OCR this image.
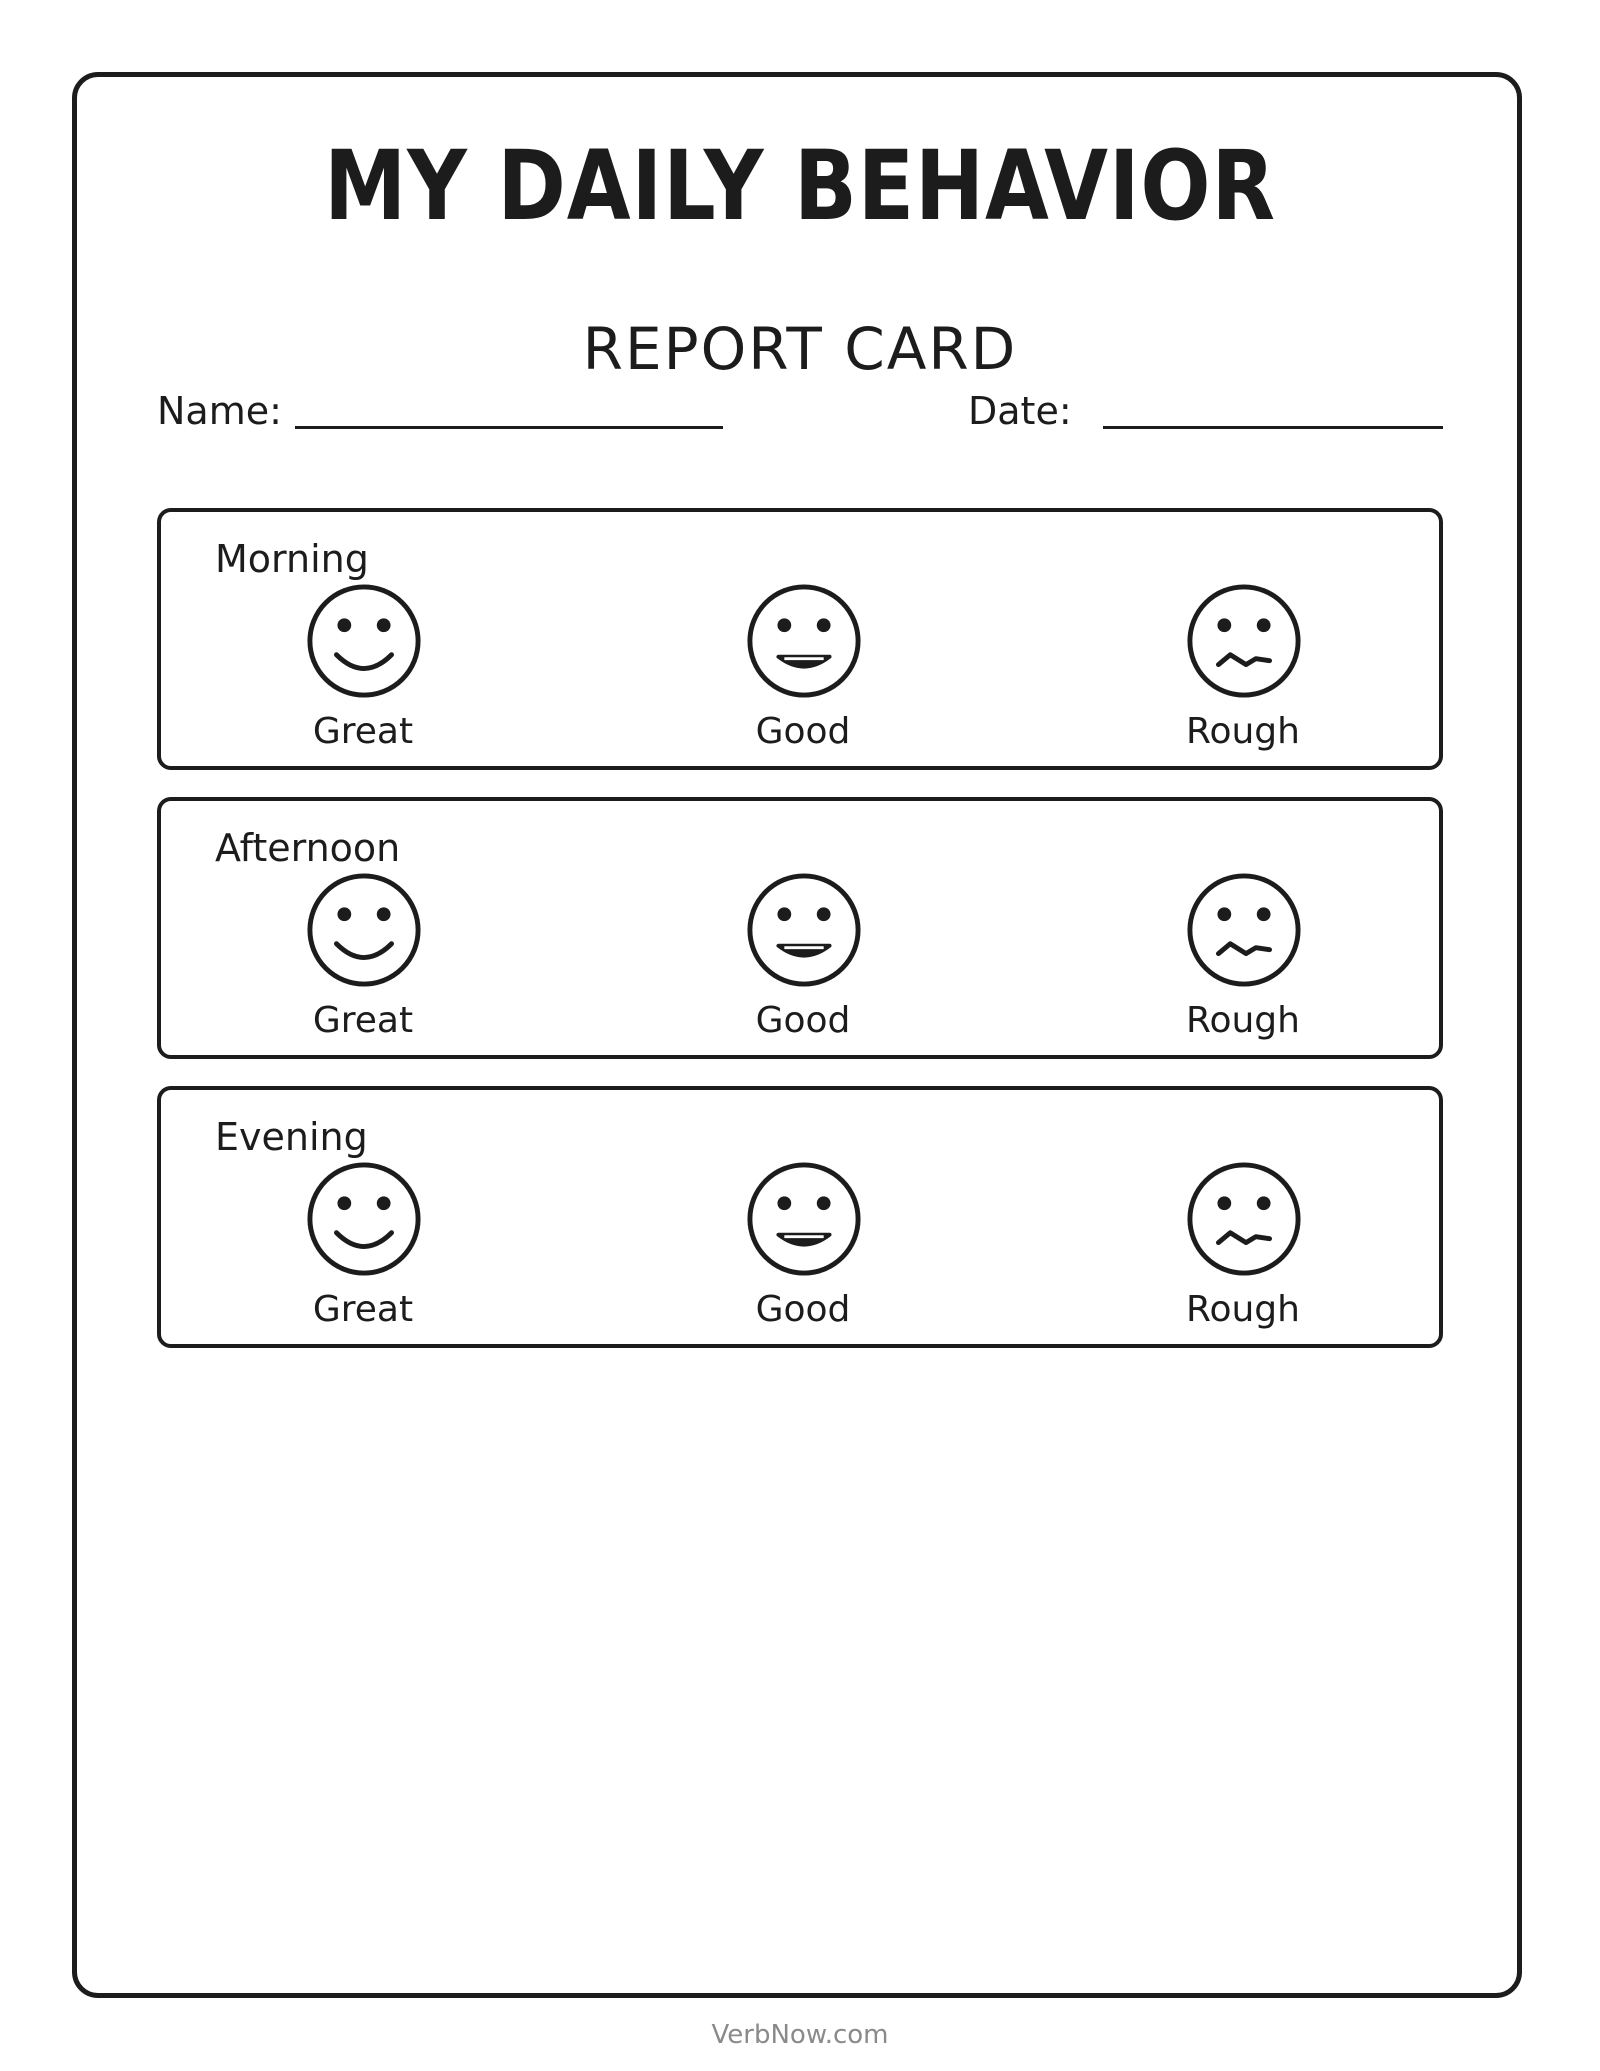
MY DAILY BEHAVIOR
REPORT CARD
Name:	Date:
Morning
Great	Good	Rough
Afternoon
Great	Good	Rough
Evening
Great	Good	Rough
VerbNow.com
